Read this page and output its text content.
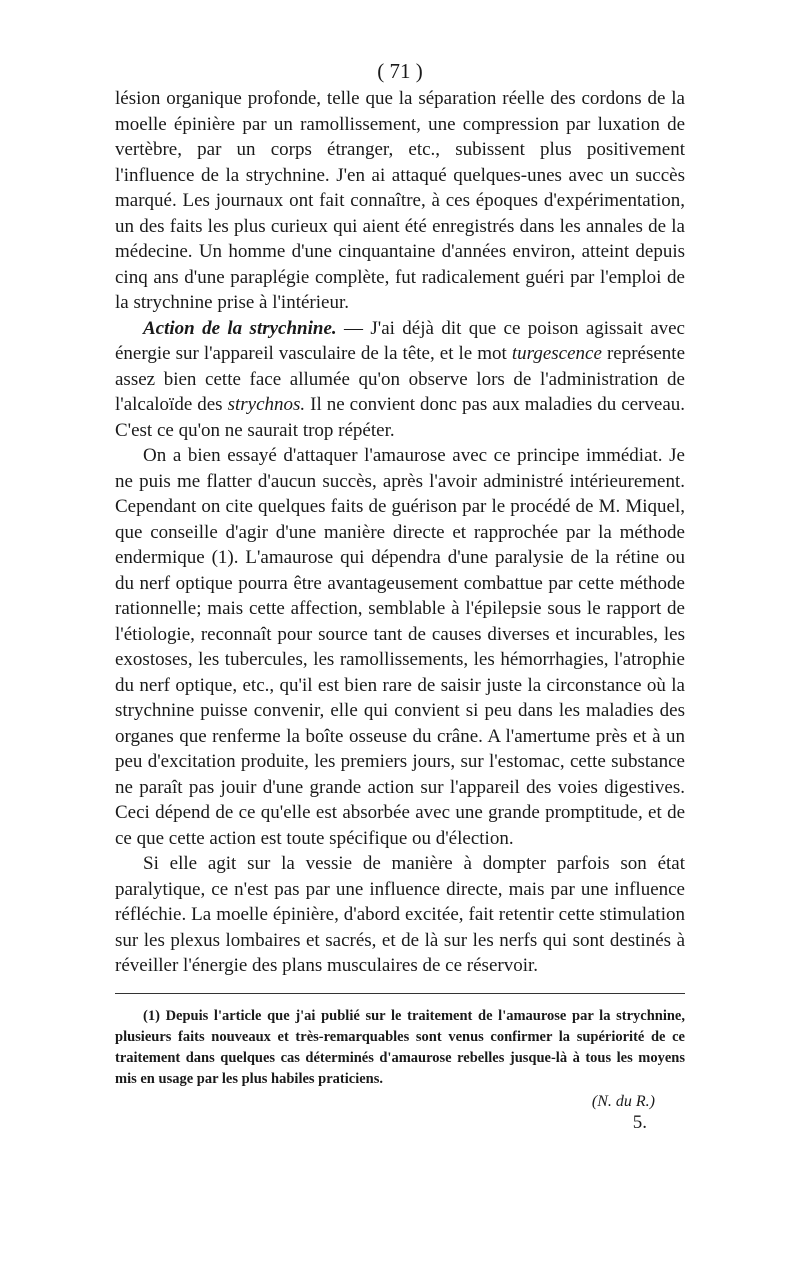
( 71 )

lésion organique profonde, telle que la séparation réelle des cordons de la moelle épinière par un ramollissement, une compression par luxation de vertèbre, par un corps étranger, etc., subissent plus positivement l'influence de la strychnine. J'en ai attaqué quelques-unes avec un succès marqué. Les journaux ont fait connaître, à ces époques d'expérimentation, un des faits les plus curieux qui aient été enregistrés dans les annales de la médecine. Un homme d'une cinquantaine d'années environ, atteint depuis cinq ans d'une paraplégie complète, fut radicalement guéri par l'emploi de la strychnine prise à l'intérieur.

Action de la strychnine. — J'ai déjà dit que ce poison agissait avec énergie sur l'appareil vasculaire de la tête, et le mot turgescence représente assez bien cette face allumée qu'on observe lors de l'administration de l'alcaloïde des strychnos. Il ne convient donc pas aux maladies du cerveau. C'est ce qu'on ne saurait trop répéter.

On a bien essayé d'attaquer l'amaurose avec ce principe immédiat. Je ne puis me flatter d'aucun succès, après l'avoir administré intérieurement. Cependant on cite quelques faits de guérison par le procédé de M. Miquel, que conseille d'agir d'une manière directe et rapprochée par la méthode endermique (1). L'amaurose qui dépendra d'une paralysie de la rétine ou du nerf optique pourra être avantageusement combattue par cette méthode rationnelle; mais cette affection, semblable à l'épilepsie sous le rapport de l'étiologie, reconnaît pour source tant de causes diverses et incurables, les exostoses, les tubercules, les ramollissements, les hémorrhagies, l'atrophie du nerf optique, etc., qu'il est bien rare de saisir juste la circonstance où la strychnine puisse convenir, elle qui convient si peu dans les maladies des organes que renferme la boîte osseuse du crâne. A l'amertume près et à un peu d'excitation produite, les premiers jours, sur l'estomac, cette substance ne paraît pas jouir d'une grande action sur l'appareil des voies digestives. Ceci dépend de ce qu'elle est absorbée avec une grande promptitude, et de ce que cette action est toute spécifique ou d'élection.

Si elle agit sur la vessie de manière à dompter parfois son état paralytique, ce n'est pas par une influence directe, mais par une influence réfléchie. La moelle épinière, d'abord excitée, fait retentir cette stimulation sur les plexus lombaires et sacrés, et de là sur les nerfs qui sont destinés à réveiller l'énergie des plans musculaires de ce réservoir.

(1) Depuis l'article que j'ai publié sur le traitement de l'amaurose par la strychnine, plusieurs faits nouveaux et très-remarquables sont venus confirmer la supériorité de ce traitement dans quelques cas déterminés d'amaurose rebelles jusque-là à tous les moyens mis en usage par les plus habiles praticiens.

(N. du R.)
5.
